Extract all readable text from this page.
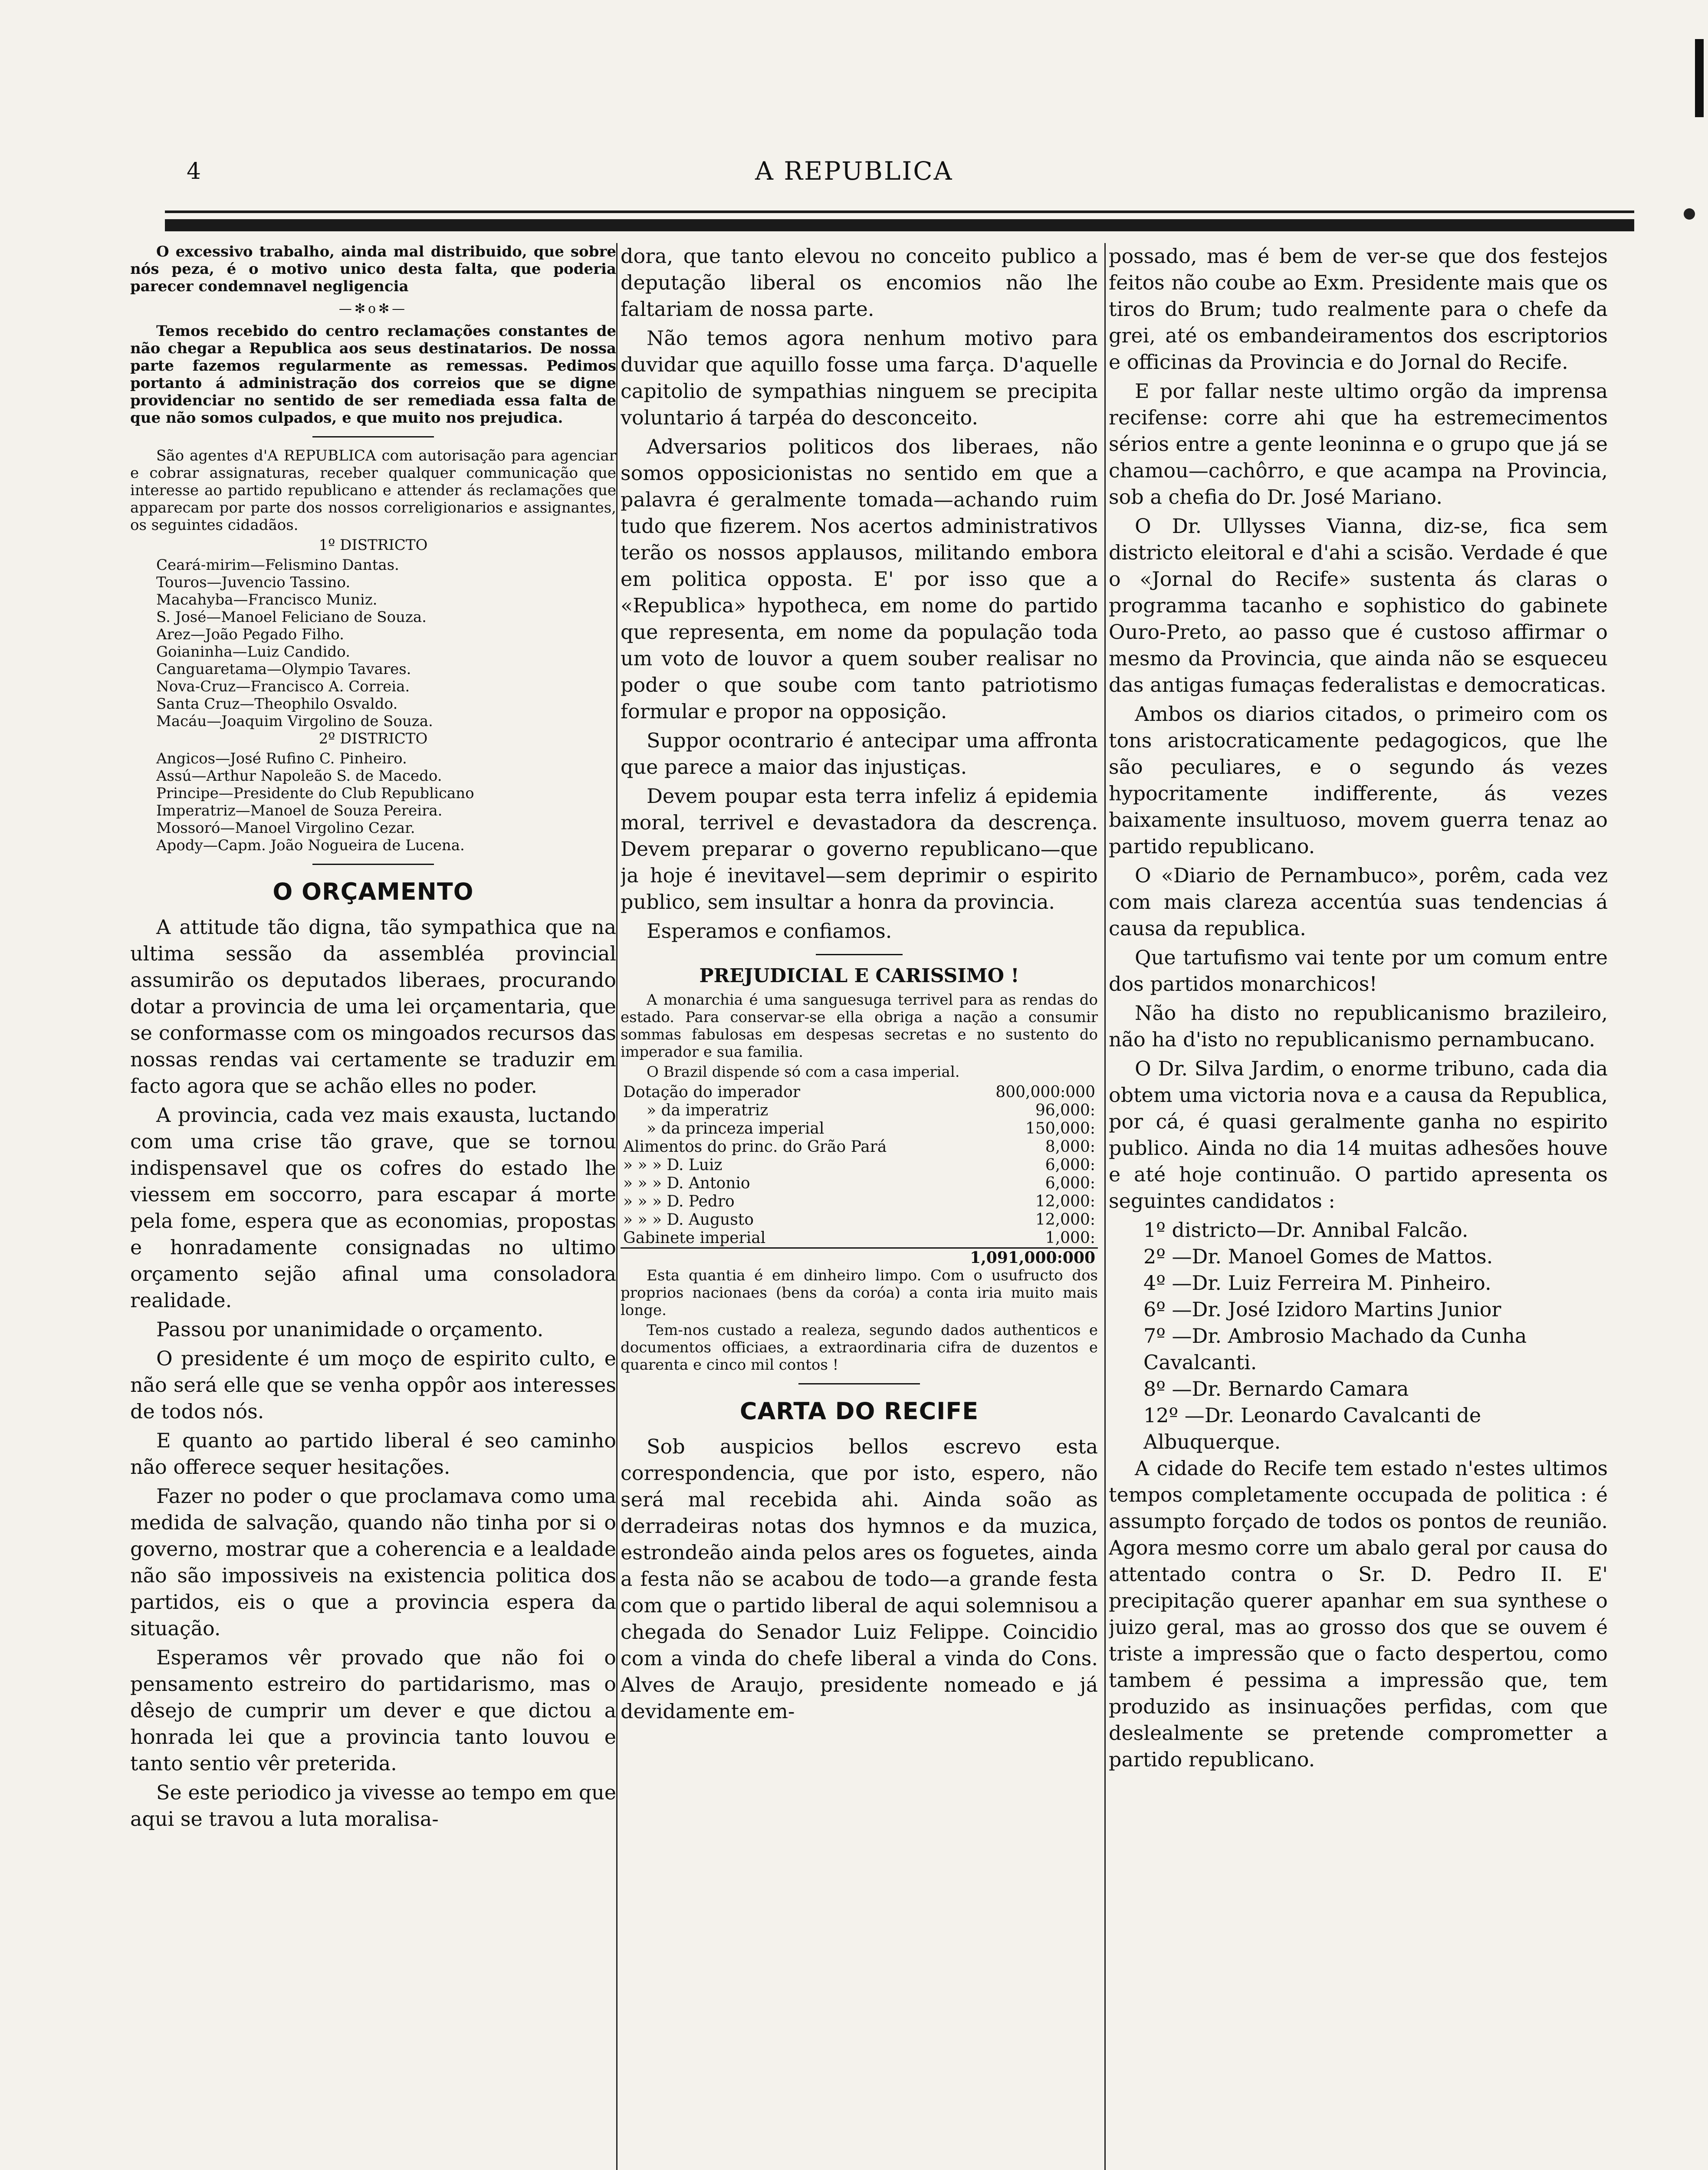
4	A REPUBLICA

O excessivo trabalho, ainda mal distribuido, que sobre nós peza, é o motivo unico desta falta, que poderia parecer condemnavel negligencia

—✻o✻—

Temos recebido do centro reclamações constantes de não chegar a Republica aos seus destinatarios. De nossa parte fazemos regularmente as remessas. Pedimos portanto á administração dos correios que se digne providenciar no sentido de ser remediada essa falta de que não somos culpados, e que muito nos prejudica.

São agentes d'A REPUBLICA com autorisação para agenciar e cobrar assignaturas, receber qualquer communicação que interesse ao partido republicano e attender ás reclamações que apparecam por parte dos nossos correligionarios e assignantes, os seguintes cidadãos.

1º DISTRICTO

Ceará-mirim—Felismino Dantas.
Touros—Juvencio Tassino.
Macahyba—Francisco Muniz.
S. José—Manoel Feliciano de Souza.
Arez—João Pegado Filho.
Goianinha—Luiz Candido.
Canguaretama—Olympio Tavares.
Nova-Cruz—Francisco A. Correia.
Santa Cruz—Theophilo Osvaldo.
Macáu—Joaquim Virgolino de Souza.

2º DISTRICTO

Angicos—José Rufino C. Pinheiro.
Assú—Arthur Napoleão S. de Macedo.
Principe—Presidente do Club Republicano
Imperatriz—Manoel de Souza Pereira.
Mossoró—Manoel Virgolino Cezar.
Apody—Capm. João Nogueira de Lucena.
O ORÇAMENTO

A attitude tão digna, tão sympathica que na ultima sessão da assembléa provincial assumirão os deputados liberaes, procurando dotar a provincia de uma lei orçamentaria, que se conformasse com os mingoados recursos das nossas rendas vai certamente se traduzir em facto agora que se achão elles no poder.

A provincia, cada vez mais exausta, luctando com uma crise tão grave, que se tornou indispensavel que os cofres do estado lhe viessem em soccorro, para escapar á morte pela fome, espera que as economias, propostas e honradamente consignadas no ultimo orçamento sejão afinal uma consoladora realidade.

Passou por unanimidade o orçamento.

O presidente é um moço de espirito culto, e não será elle que se venha oppôr aos interesses de todos nós.

E quanto ao partido liberal é seo caminho não offerece sequer hesitações.

Fazer no poder o que proclamava como uma medida de salvação, quando não tinha por si o governo, mostrar que a coherencia e a lealdade não são impossiveis na existencia politica dos partidos, eis o que a provincia espera da situação.

Esperamos vêr provado que não foi o pensamento estreiro do partidarismo, mas o dêsejo de cumprir um dever e que dictou a honrada lei que a provincia tanto louvou e tanto sentio vêr preterida.

Se este periodico ja vivesse ao tempo em que aqui se travou a luta moralisa-

dora, que tanto elevou no conceito publico a deputação liberal os encomios não lhe faltariam de nossa parte.

Não temos agora nenhum motivo para duvidar que aquillo fosse uma farça. D'aquelle capitolio de sympathias ninguem se precipita voluntario á tarpéa do desconceito.

Adversarios politicos dos liberaes, não somos opposicionistas no sentido em que a palavra é geralmente tomada—achando ruim tudo que fizerem. Nos acertos administrativos terão os nossos applausos, militando embora em politica opposta. E' por isso que a «Republica» hypotheca, em nome do partido que representa, em nome da população toda um voto de louvor a quem souber realisar no poder o que soube com tanto patriotismo formular e propor na opposição.

Suppor ocontrario é antecipar uma affronta que parece a maior das injustiças.

Devem poupar esta terra infeliz á epidemia moral, terrivel e devastadora da descrença. Devem preparar o governo republicano—que ja hoje é inevitavel—sem deprimir o espirito publico, sem insultar a honra da provincia.

Esperamos e confiamos.

PREJUDICIAL E CARISSIMO !

A monarchia é uma sanguesuga terrivel para as rendas do estado. Para conservar-se ella obriga a nação a consumir sommas fabulosas em despesas secretas e no sustento do imperador e sua familia.

O Brazil dispende só com a casa imperial.

Dotação do imperador	800,000:000
» da imperatriz	96,000:
» da princeza imperial	150,000:
Alimentos do princ. do Grão Pará	8,000:
» » » D. Luiz	6,000:
» » » D. Antonio	6,000:
» » » D. Pedro	12,000:
» » » D. Augusto	12,000:
Gabinete imperial	1,000:
	1,091,000:000

Esta quantia é em dinheiro limpo. Com o usufructo dos proprios nacionaes (bens da coróa) a conta iria muito mais longe.

Tem-nos custado a realeza, segundo dados authenticos e documentos officiaes, a extraordinaria cifra de duzentos e quarenta e cinco mil contos !

CARTA DO RECIFE

Sob auspicios bellos escrevo esta correspondencia, que por isto, espero, não será mal recebida ahi. Ainda soão as derradeiras notas dos hymnos e da muzica, estrondeão ainda pelos ares os foguetes, ainda a festa não se acabou de todo—a grande festa com que o partido liberal de aqui solemnisou a chegada do Senador Luiz Felippe. Coincidio com a vinda do chefe liberal a vinda do Cons. Alves de Araujo, presidente nomeado e já devidamente em-

possado, mas é bem de ver-se que dos festejos feitos não coube ao Exm. Presidente mais que os tiros do Brum; tudo realmente para o chefe da grei, até os embandeiramentos dos escriptorios e officinas da Provincia e do Jornal do Recife.

E por fallar neste ultimo orgão da imprensa recifense: corre ahi que ha estremecimentos sérios entre a gente leoninna e o grupo que já se chamou—cachôrro, e que acampa na Provincia, sob a chefia do Dr. José Mariano.

O Dr. Ullysses Vianna, diz-se, fica sem districto eleitoral e d'ahi a scisão. Verdade é que o «Jornal do Recife» sustenta ás claras o programma tacanho e sophistico do gabinete Ouro-Preto, ao passo que é custoso affirmar o mesmo da Provincia, que ainda não se esqueceu das antigas fumaças federalistas e democraticas.

Ambos os diarios citados, o primeiro com os tons aristocraticamente pedagogicos, que lhe são peculiares, e o segundo ás vezes hypocritamente indifferente, ás vezes baixamente insultuoso, movem guerra tenaz ao partido republicano.

O «Diario de Pernambuco», porêm, cada vez com mais clareza accentúa suas tendencias á causa da republica.

Que tartufismo vai tente por um comum entre dos partidos monarchicos!

Não ha disto no republicanismo brazileiro, não ha d'isto no republicanismo pernambucano.

O Dr. Silva Jardim, o enorme tribuno, cada dia obtem uma victoria nova e a causa da Republica, por cá, é quasi geralmente ganha no espirito publico. Ainda no dia 14 muitas adhesões houve e até hoje continuão. O partido apresenta os seguintes candidatos :

1º districto—Dr. Annibal Falcão.
2º —Dr. Manoel Gomes de Mattos.
4º —Dr. Luiz Ferreira M. Pinheiro.
6º —Dr. José Izidoro Martins Junior
7º —Dr. Ambrosio Machado da Cunha Cavalcanti.
8º —Dr. Bernardo Camara
12º —Dr. Leonardo Cavalcanti de Albuquerque.

A cidade do Recife tem estado n'estes ultimos tempos completamente occupada de politica : é assumpto forçado de todos os pontos de reunião. Agora mesmo corre um abalo geral por causa do attentado contra o Sr. D. Pedro II. E' precipitação querer apanhar em sua synthese o juizo geral, mas ao grosso dos que se ouvem é triste a impressão que o facto despertou, como tambem é pessima a impressão que, tem produzido as insinuações perfidas, com que deslealmente se pretende comprometter a partido republicano.
